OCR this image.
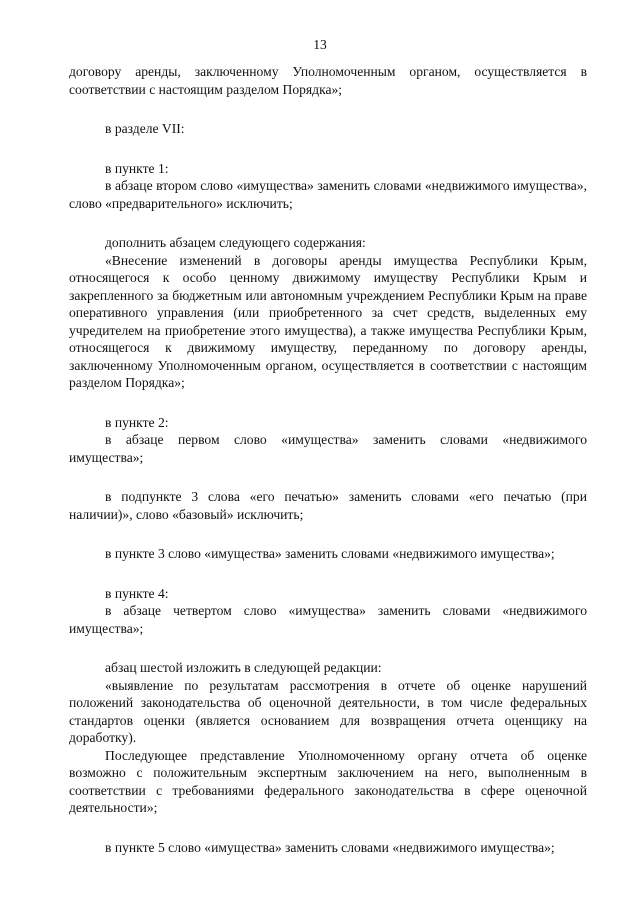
13

договору аренды, заключенному Уполномоченным органом, осуществляется в соответствии с настоящим разделом Порядка»;

в разделе VII:

в пункте 1:

в абзаце втором слово «имущества» заменить словами «недвижимого имущества», слово «предварительного» исключить;

дополнить абзацем следующего содержания:

«Внесение изменений в договоры аренды имущества Республики Крым, относящегося к особо ценному движимому имуществу Республики Крым и закрепленного за бюджетным или автономным учреждением Республики Крым на праве оперативного управления (или приобретенного за счет средств, выделенных ему учредителем на приобретение этого имущества), а также имущества Республики Крым, относящегося к движимому имуществу, переданному по договору аренды, заключенному Уполномоченным органом, осуществляется в соответствии с настоящим разделом Порядка»;

в пункте 2:

в абзаце первом слово «имущества» заменить словами «недвижимого имущества»;

в подпункте 3 слова «его печатью» заменить словами «его печатью (при наличии)», слово «базовый» исключить;

в пункте 3 слово «имущества» заменить словами «недвижимого имущества»;

в пункте 4:

в абзаце четвертом слово «имущества» заменить словами «недвижимого имущества»;

абзац шестой изложить в следующей редакции:

«выявление по результатам рассмотрения в отчете об оценке нарушений положений законодательства об оценочной деятельности, в том числе федеральных стандартов оценки (является основанием для возвращения отчета оценщику на доработку).

Последующее представление Уполномоченному органу отчета об оценке возможно с положительным экспертным заключением на него, выполненным в соответствии с требованиями федерального законодательства в сфере оценочной деятельности»;

в пункте 5 слово «имущества» заменить словами «недвижимого имущества»;
